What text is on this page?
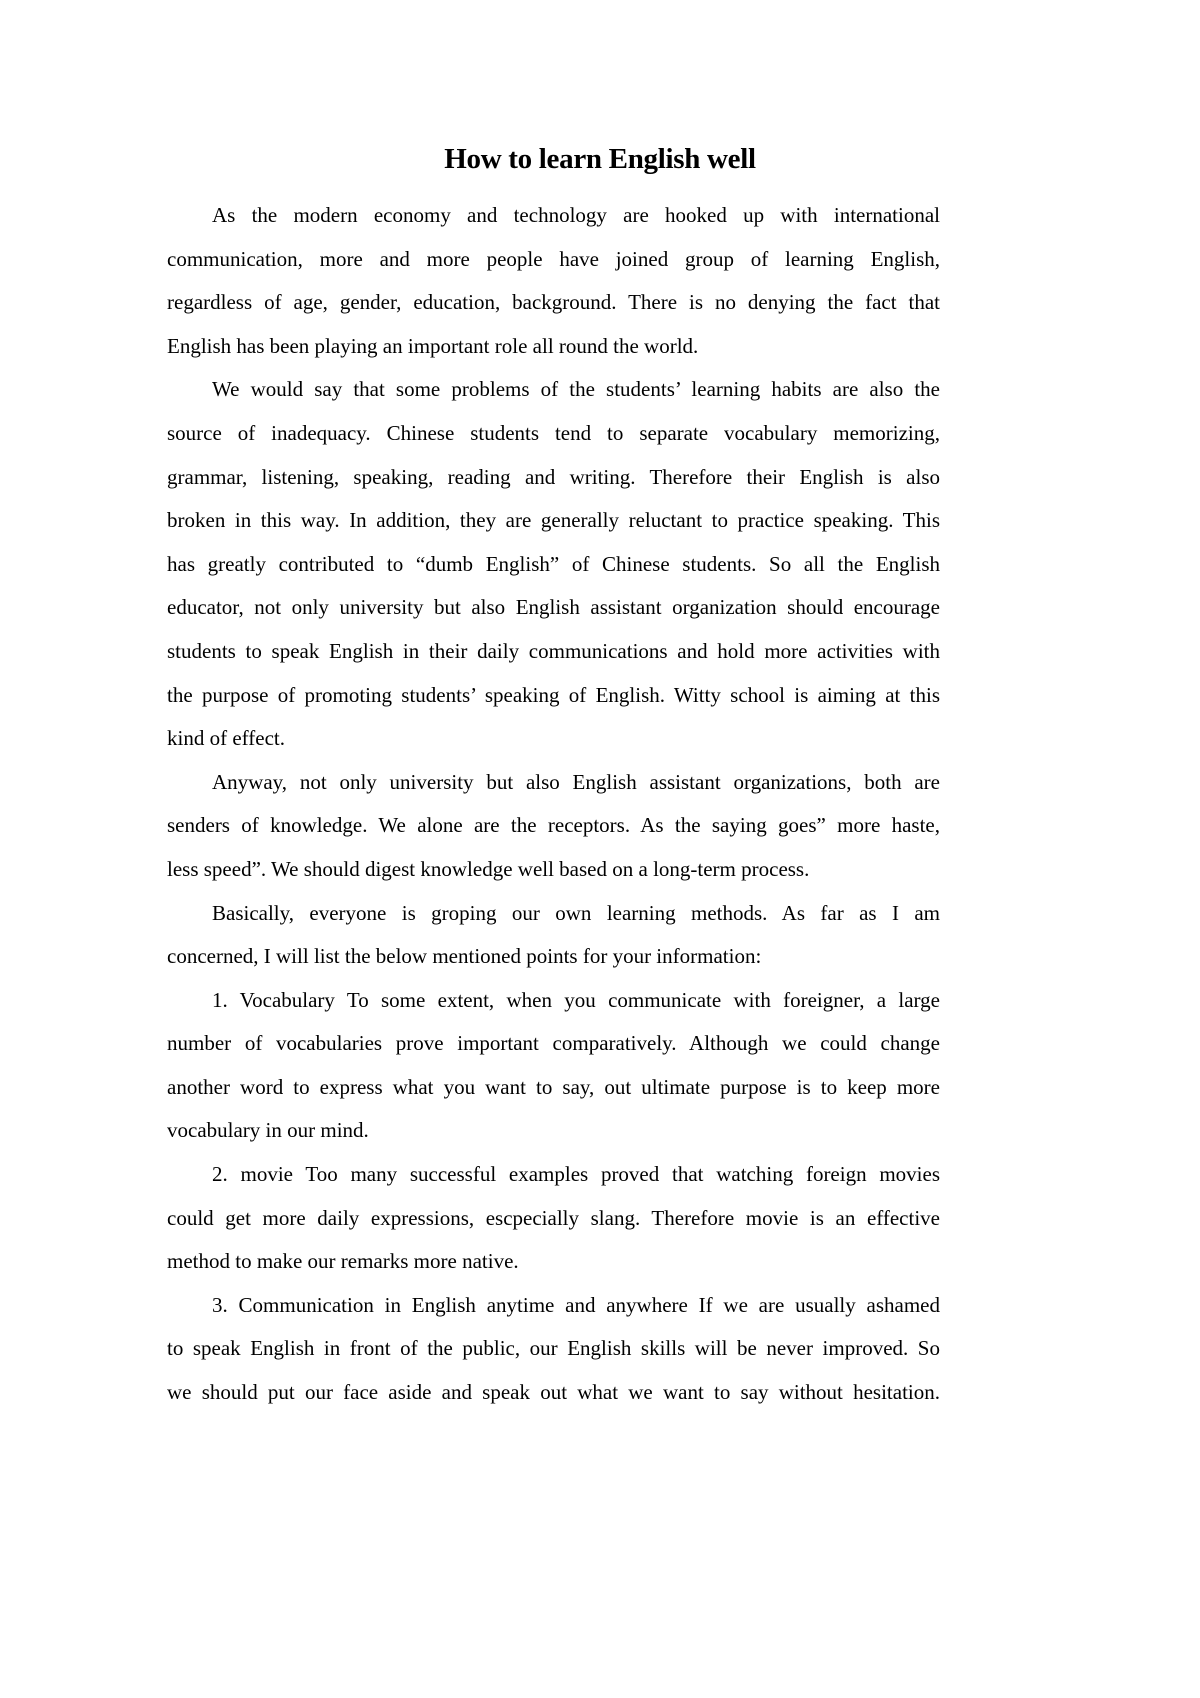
How to learn English well
As the modern economy and technology are hooked up with international
communication, more and more people have joined group of learning English,
regardless of age, gender, education, background. There is no denying the fact that
English has been playing an important role all round the world.
We would say that some problems of the students’ learning habits are also the
source of inadequacy. Chinese students tend to separate vocabulary memorizing,
grammar, listening, speaking, reading and writing. Therefore their English is also
broken in this way. In addition, they are generally reluctant to practice speaking. This
has greatly contributed to “dumb English” of Chinese students. So all the English
educator, not only university but also English assistant organization should encourage
students to speak English in their daily communications and hold more activities with
the purpose of promoting students’ speaking of English. Witty school is aiming at this
kind of effect.
Anyway, not only university but also English assistant organizations, both are
senders of knowledge. We alone are the receptors. As the saying goes” more haste,
less speed”. We should digest knowledge well based on a long-term process.
Basically, everyone is groping our own learning methods. As far as I am
concerned, I will list the below mentioned points for your information:
1. Vocabulary To some extent, when you communicate with foreigner, a large
number of vocabularies prove important comparatively. Although we could change
another word to express what you want to say, out ultimate purpose is to keep more
vocabulary in our mind.
2. movie Too many successful examples proved that watching foreign movies
could get more daily expressions, escpecially slang. Therefore movie is an effective
method to make our remarks more native.
3. Communication in English anytime and anywhere If we are usually ashamed
to speak English in front of the public, our English skills will be never improved. So
we should put our face aside and speak out what we want to say without hesitation.
